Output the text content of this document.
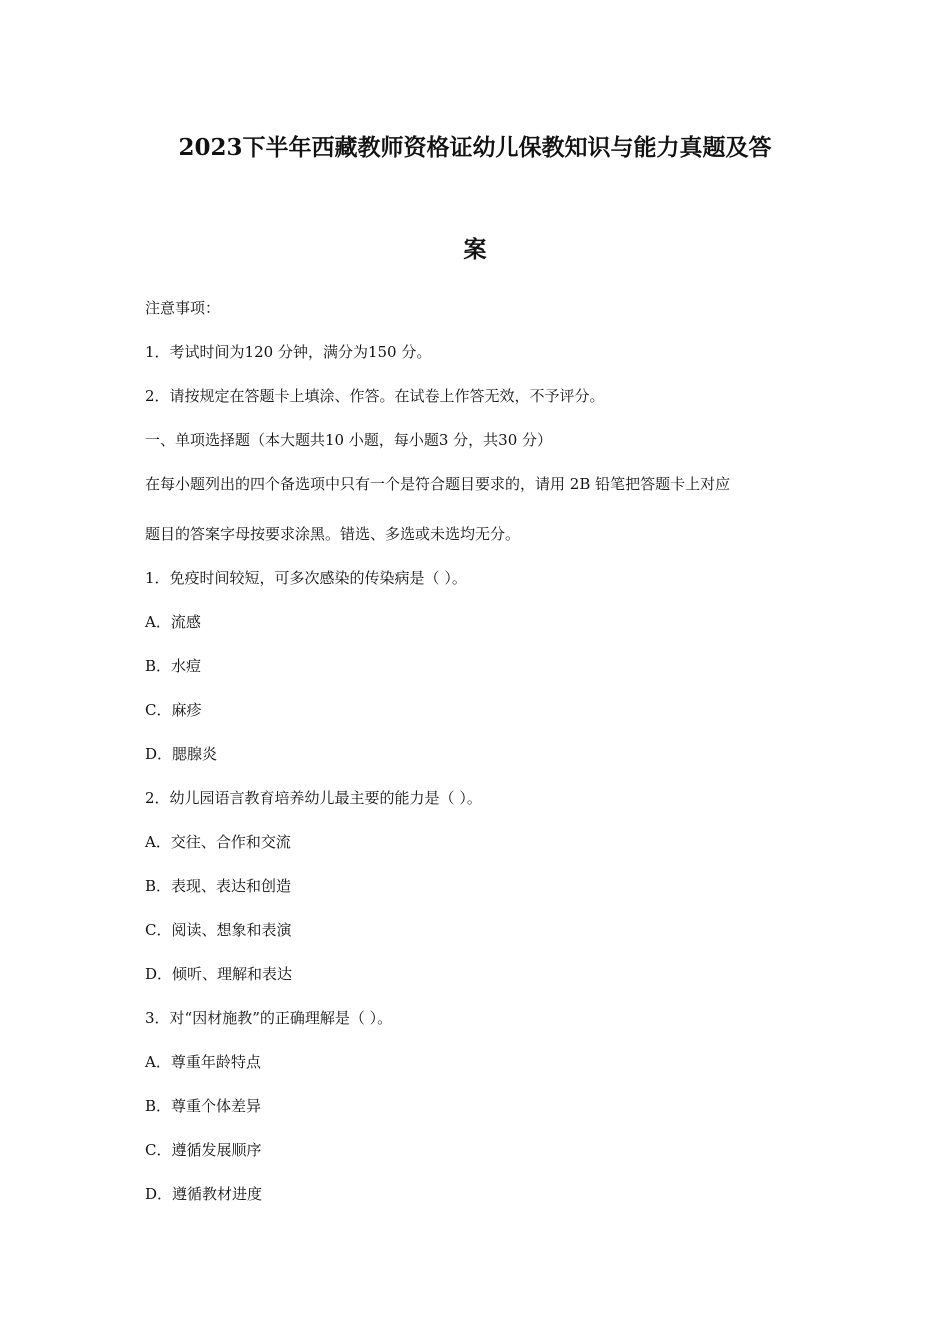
2023下半年西藏教师资格证幼儿保教知识与能力真题及答
案
注意事项：
1．考试时间为120 分钟，满分为150 分。
2．请按规定在答题卡上填涂、作答。在试卷上作答无效，不予评分。
一、单项选择题（本大题共10 小题，每小题3 分，共30 分）
在每小题列出的四个备选项中只有一个是符合题目要求的，请用 2B 铅笔把答题卡上对应
题目的答案字母按要求涂黑。错选、多选或未选均无分。
1．免疫时间较短，可多次感染的传染病是（ ）。
A．流感
B．水痘
C．麻疹
D．腮腺炎
2．幼儿园语言教育培养幼儿最主要的能力是（ ）。
A．交往、合作和交流
B．表现、表达和创造
C．阅读、想象和表演
D．倾听、理解和表达
3．对“因材施教”的正确理解是（ ）。
A．尊重年龄特点
B．尊重个体差异
C．遵循发展顺序
D．遵循教材进度
